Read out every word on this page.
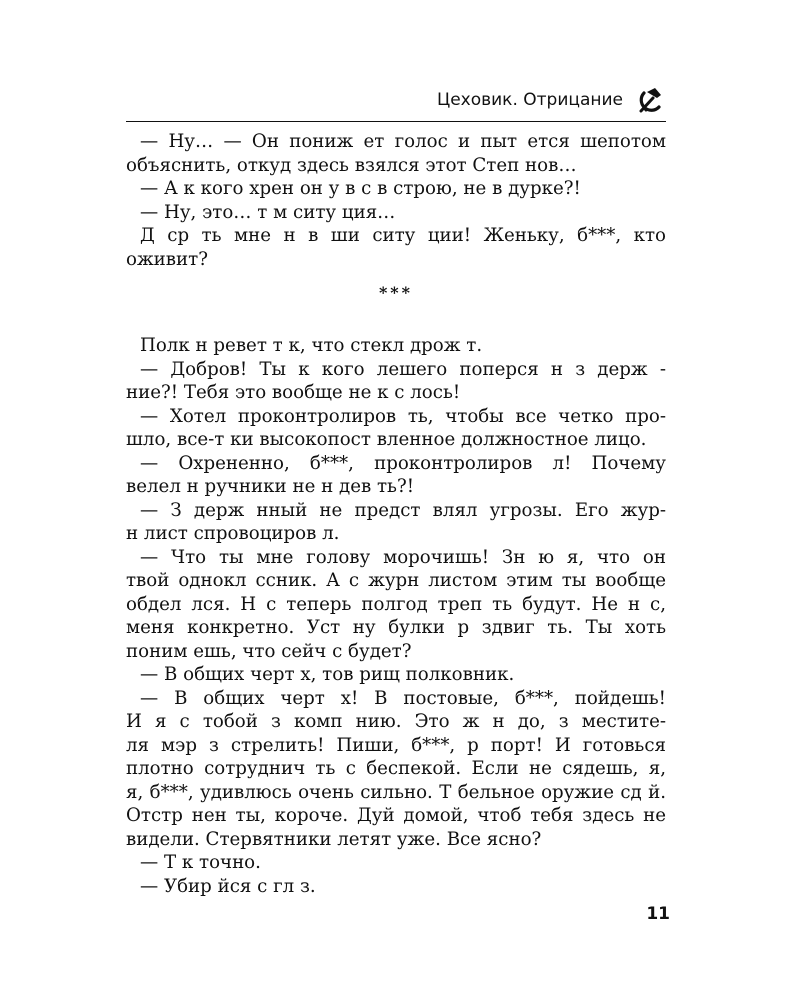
Цеховик. Отрицание

— Ну… — Он пониж ет голос и пыт ется шепотом
объяснить, откуд здесь взялся этот Степ нов…

— А к кого хрен он у в с в строю, не в дурке?!

— Ну, это… т м ситу ция…

Д ср ть мне н в ши ситу ции! Женьку, б***, кто
оживит?

***

Полк н ревет т к, что стекл дрож т.

— Добров! Ты к кого лешего поперся н з держ -
ние?! Тебя это вообще не к с лось!

— Хотел проконтролиров ть, чтобы все четко про-
шло, все-т ки высокопост вленное должностное лицо.

— Охрененно, б***, проконтролиров л! Почему
велел н ручники не н дев ть?!

— З держ нный не предст влял угрозы. Его жур-
н лист спровоциров л.

— Что ты мне голову морочишь! Зн ю я, что он
твой однокл ссник. А с журн листом этим ты вообще
обдел лся. Н с теперь полгод треп ть будут. Не н с,
меня конкретно. Уст ну булки р здвиг ть. Ты хоть
поним ешь, что сейч с будет?

— В общих черт х, тов рищ полковник.

— В общих черт х! В постовые, б***, пойдешь!
И я с тобой з комп нию. Это ж н до, з местите-
ля мэр з стрелить! Пиши, б***, р порт! И готовься
плотно сотруднич ть с беспекой. Если не сядешь, я,
я, б***, удивлюсь очень сильно. Т бельное оружие сд й.
Отстр нен ты, короче. Дуй домой, чтоб тебя здесь не
видели. Стервятники летят уже. Все ясно?

— Т к точно.

— Убир йся с гл з.

11
